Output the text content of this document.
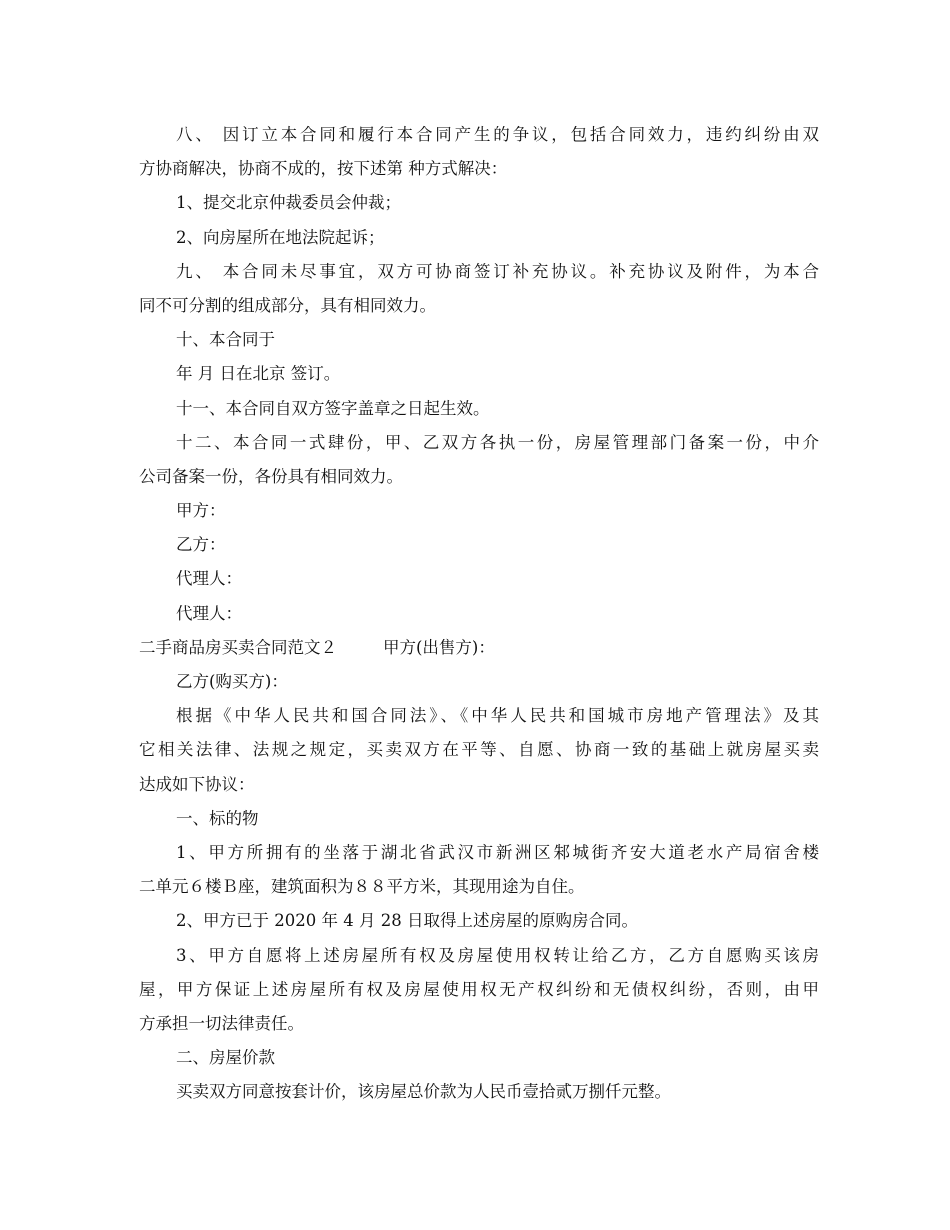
八、 因订立本合同和履行本合同产生的争议，包括合同效力，违约纠纷由双
方协商解决，协商不成的，按下述第 种方式解决：
1、提交北京仲裁委员会仲裁；
2、向房屋所在地法院起诉；
九、 本合同未尽事宜，双方可协商签订补充协议。补充协议及附件，为本合
同不可分割的组成部分，具有相同效力。
十、本合同于
年 月 日在北京 签订。
十一、本合同自双方签字盖章之日起生效。
十二、本合同一式肆份，甲、乙双方各执一份，房屋管理部门备案一份，中介
公司备案一份，各份具有相同效力。
甲方：
乙方：
代理人：
代理人：
二手商品房买卖合同范文２	甲方(出售方)：
乙方(购买方)：
根据《中华人民共和国合同法》、《中华人民共和国城市房地产管理法》及其
它相关法律、法规之规定，买卖双方在平等、自愿、协商一致的基础上就房屋买卖
达成如下协议：
一、标的物
1、甲方所拥有的坐落于湖北省武汉市新洲区邾城街齐安大道老水产局宿舍楼
二单元６楼Ｂ座，建筑面积为８８平方米，其现用途为自住。
2、甲方已于 2020 年 4 月 28 日取得上述房屋的原购房合同。
3、甲方自愿将上述房屋所有权及房屋使用权转让给乙方，乙方自愿购买该房
屋，甲方保证上述房屋所有权及房屋使用权无产权纠纷和无债权纠纷，否则，由甲
方承担一切法律责任。
二、房屋价款
买卖双方同意按套计价，该房屋总价款为人民币壹拾贰万捌仟元整。
